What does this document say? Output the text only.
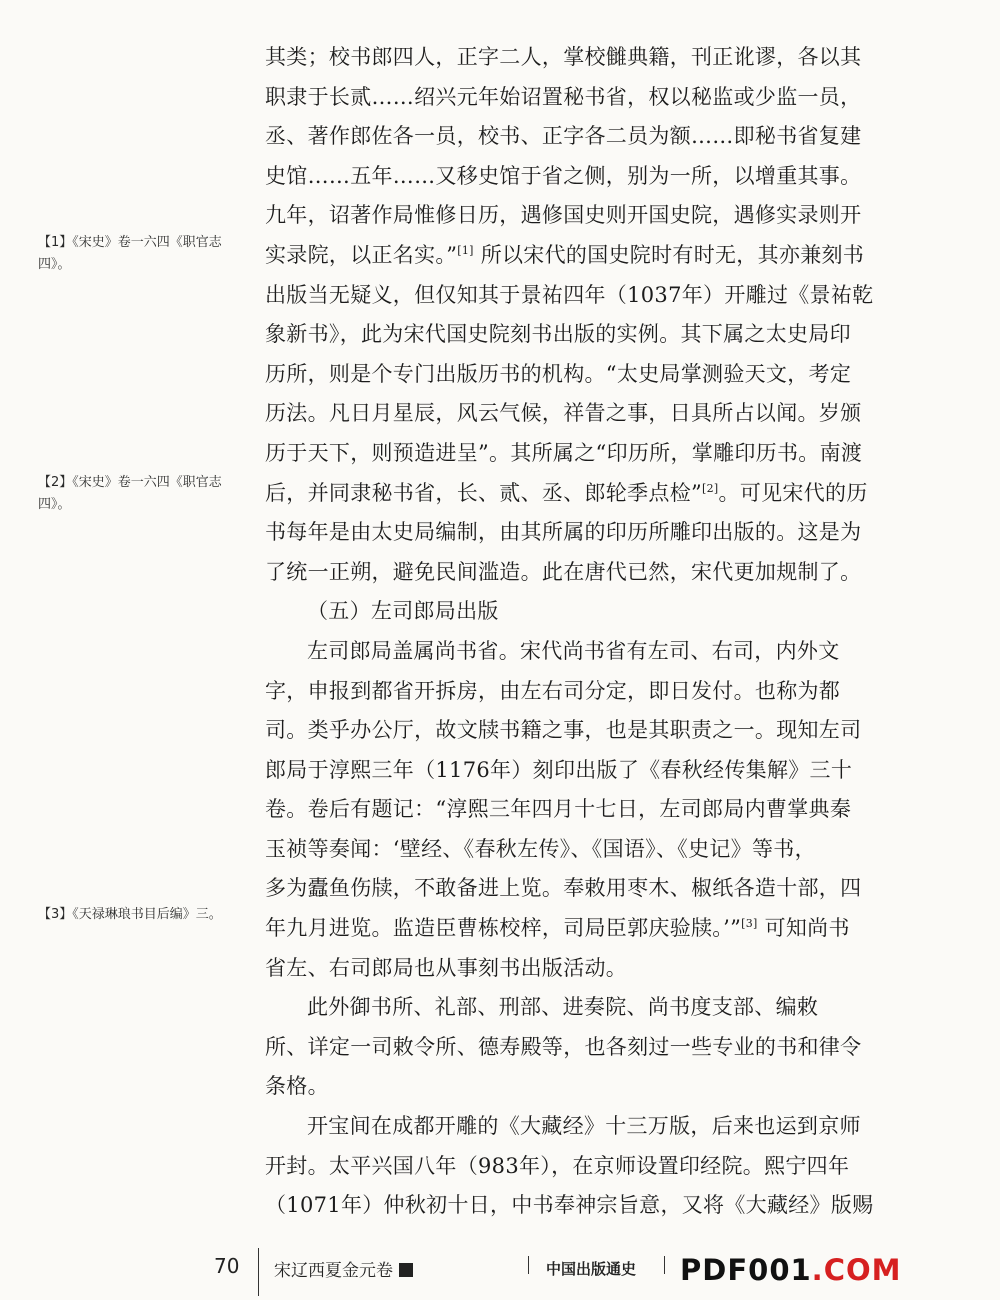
【1】《宋史》卷一六四《职官志四》。
【2】《宋史》卷一六四《职官志四》。
【3】《天禄琳琅书目后编》三。

其类；校书郎四人，正字二人，掌校雠典籍，刊正讹谬，各以其
职隶于长贰……绍兴元年始诏置秘书省，权以秘监或少监一员，
丞、著作郎佐各一员，校书、正字各二员为额……即秘书省复建
史馆……五年……又移史馆于省之侧，别为一所，以增重其事。
九年，诏著作局惟修日历，遇修国史则开国史院，遇修实录则开
实录院，以正名实。”[1] 所以宋代的国史院时有时无，其亦兼刻书
出版当无疑义，但仅知其于景祐四年（1037年）开雕过《景祐乾
象新书》，此为宋代国史院刻书出版的实例。其下属之太史局印
历所，则是个专门出版历书的机构。“太史局掌测验天文，考定
历法。凡日月星辰，风云气候，祥眚之事，日具所占以闻。岁颁
历于天下，则预造进呈”。其所属之“印历所，掌雕印历书。南渡
后，并同隶秘书省，长、贰、丞、郎轮季点检”[2]。可见宋代的历
书每年是由太史局编制，由其所属的印历所雕印出版的。这是为
了统一正朔，避免民间滥造。此在唐代已然，宋代更加规制了。

（五）左司郎局出版

左司郎局盖属尚书省。宋代尚书省有左司、右司，内外文
字，申报到都省开拆房，由左右司分定，即日发付。也称为都
司。类乎办公厅，故文牍书籍之事，也是其职责之一。现知左司
郎局于淳熙三年（1176年）刻印出版了《春秋经传集解》三十
卷。卷后有题记：“淳熙三年四月十七日，左司郎局内曹掌典秦
玉祯等奏闻：‘壁经、《春秋左传》、《国语》、《史记》等书，
多为蠹鱼伤牍，不敢备进上览。奉敕用枣木、椒纸各造十部，四
年九月进览。监造臣曹栋校梓，司局臣郭庆验牍。’”[3] 可知尚书
省左、右司郎局也从事刻书出版活动。

此外御书所、礼部、刑部、进奏院、尚书度支部、编敕
所、详定一司敕令所、德寿殿等，也各刻过一些专业的书和律令
条格。

开宝间在成都开雕的《大藏经》十三万版，后来也运到京师
开封。太平兴国八年（983年），在京师设置印经院。熙宁四年
（1071年）仲秋初十日，中书奉神宗旨意，又将《大藏经》版赐

70 宋辽西夏金元卷	中国出版通史 PDF001.COM
